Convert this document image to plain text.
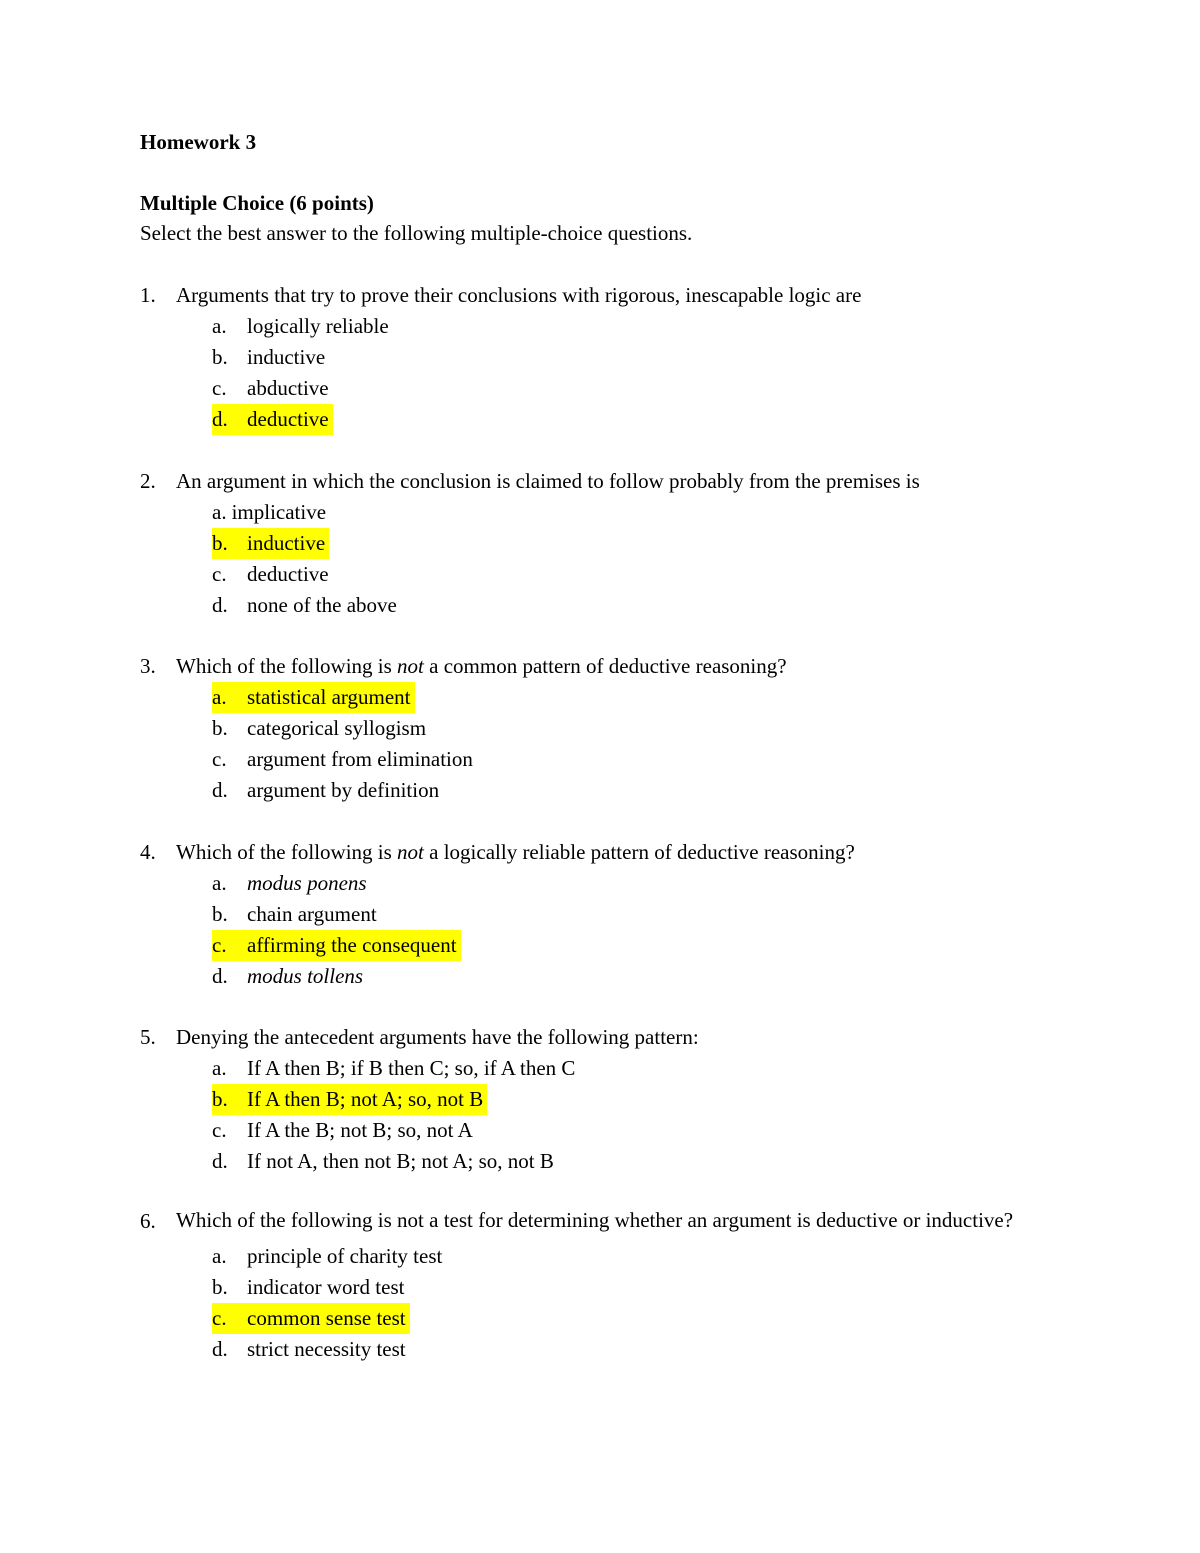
Homework 3

Multiple Choice (6 points)

Select the best answer to the following multiple-choice questions.

1. Arguments that try to prove their conclusions with rigorous, inescapable logic are
a. logically reliable
b. inductive
c. abductive
d. deductive
2. An argument in which the conclusion is claimed to follow probably from the premises is
a. implicative
b. inductive
c. deductive
d. none of the above
3. Which of the following is not a common pattern of deductive reasoning?
a. statistical argument
b. categorical syllogism
c. argument from elimination
d. argument by definition
4. Which of the following is not a logically reliable pattern of deductive reasoning?
a. modus ponens
b. chain argument
c. affirming the consequent
d. modus tollens
5. Denying the antecedent arguments have the following pattern:
a. If A then B; if B then C; so, if A then C
b. If A then B; not A; so, not B
c. If A the B; not B; so, not A
d. If not A, then not B; not A; so, not B
6. Which of the following is not a test for determining whether an argument is deductive or inductive?
a. principle of charity test
b. indicator word test
c. common sense test
d. strict necessity test
